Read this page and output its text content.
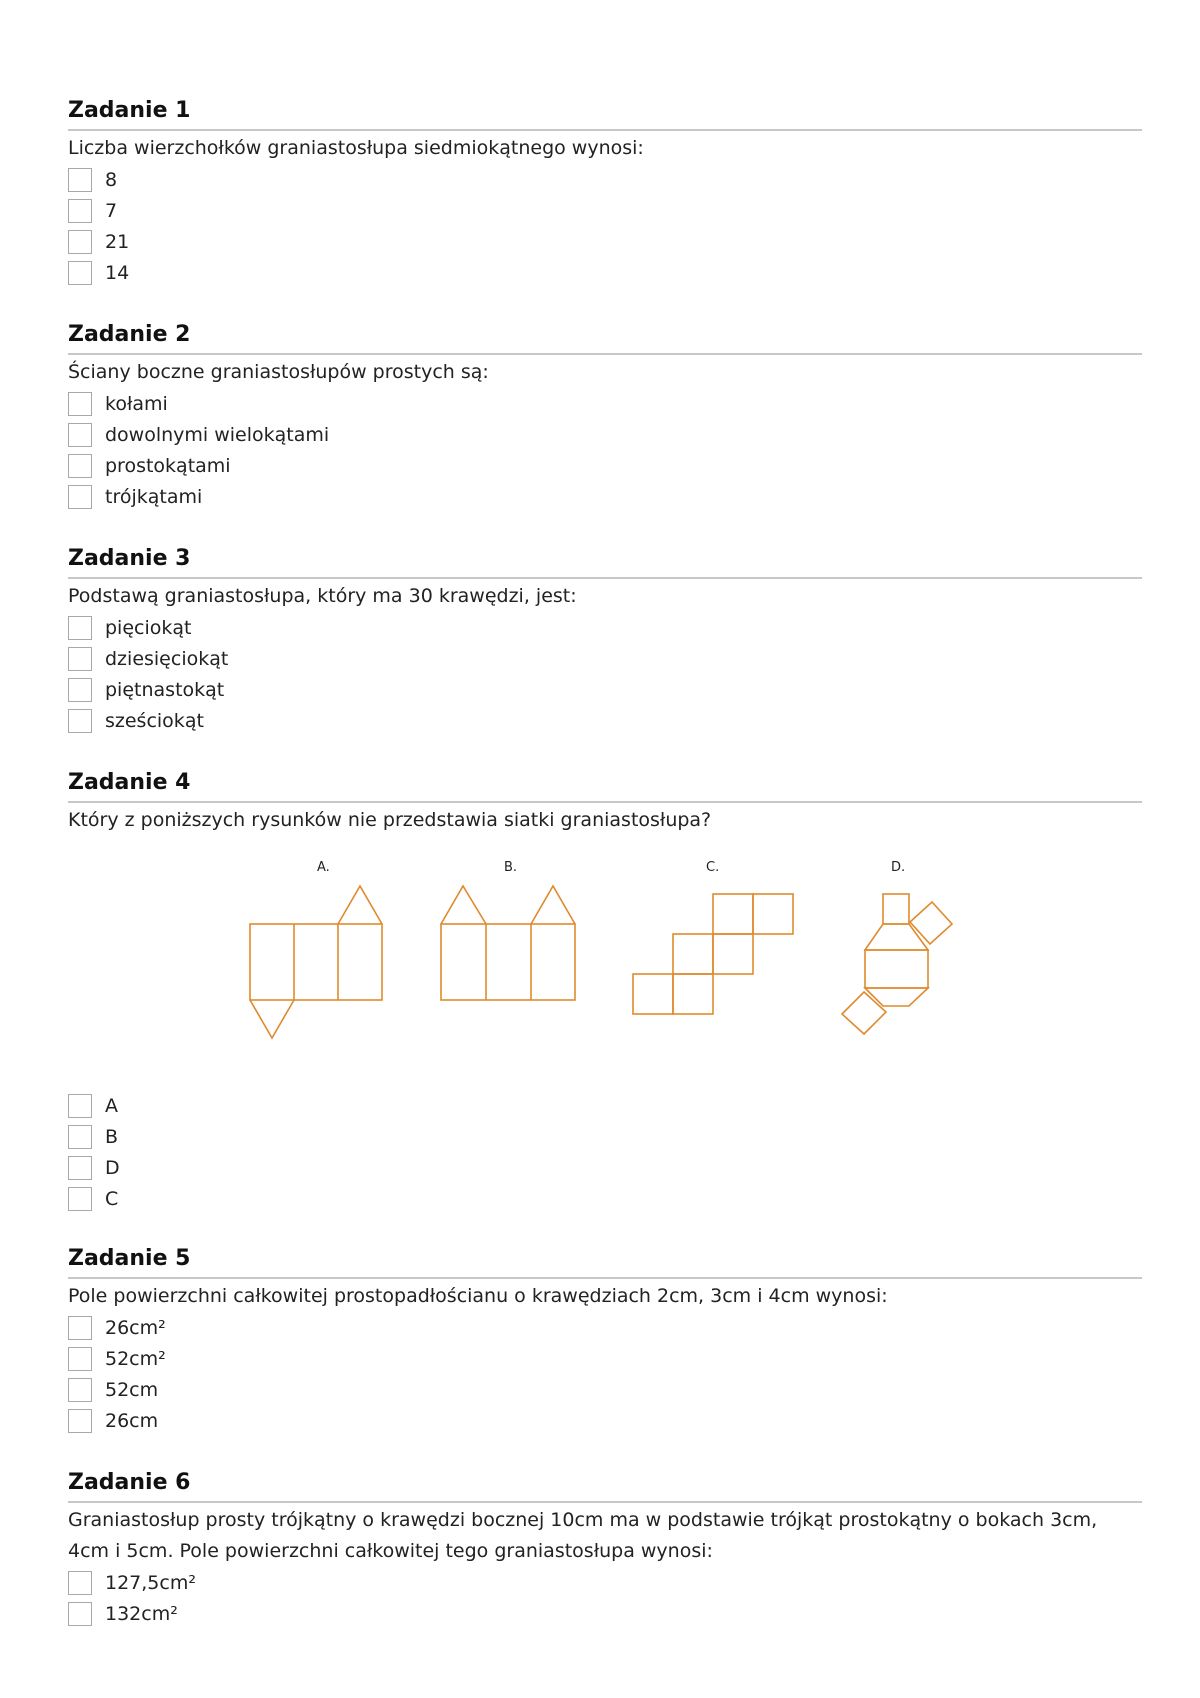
Zadanie 1
Liczba wierzchołków graniastosłupa siedmiokątnego wynosi:
8
7
21
14
Zadanie 2
Ściany boczne graniastosłupów prostych są:
kołami
dowolnymi wielokątami
prostokątami
trójkątami
Zadanie 3
Podstawą graniastosłupa, który ma 30 krawędzi, jest:
pięciokąt
dziesięciokąt
piętnastokąt
sześciokąt
Zadanie 4
Który z poniższych rysunków nie przedstawia siatki graniastosłupa?
A.	B.	C.	D.
A
B
D
C
Zadanie 5
Pole powierzchni całkowitej prostopadłościanu o krawędziach 2cm, 3cm i 4cm wynosi:
26cm²
52cm²
52cm
26cm
Zadanie 6
Graniastosłup prosty trójkątny o krawędzi bocznej 10cm ma w podstawie trójkąt prostokątny o bokach 3cm, 4cm i 5cm. Pole powierzchni całkowitej tego graniastosłupa wynosi:
127,5cm²
132cm²
